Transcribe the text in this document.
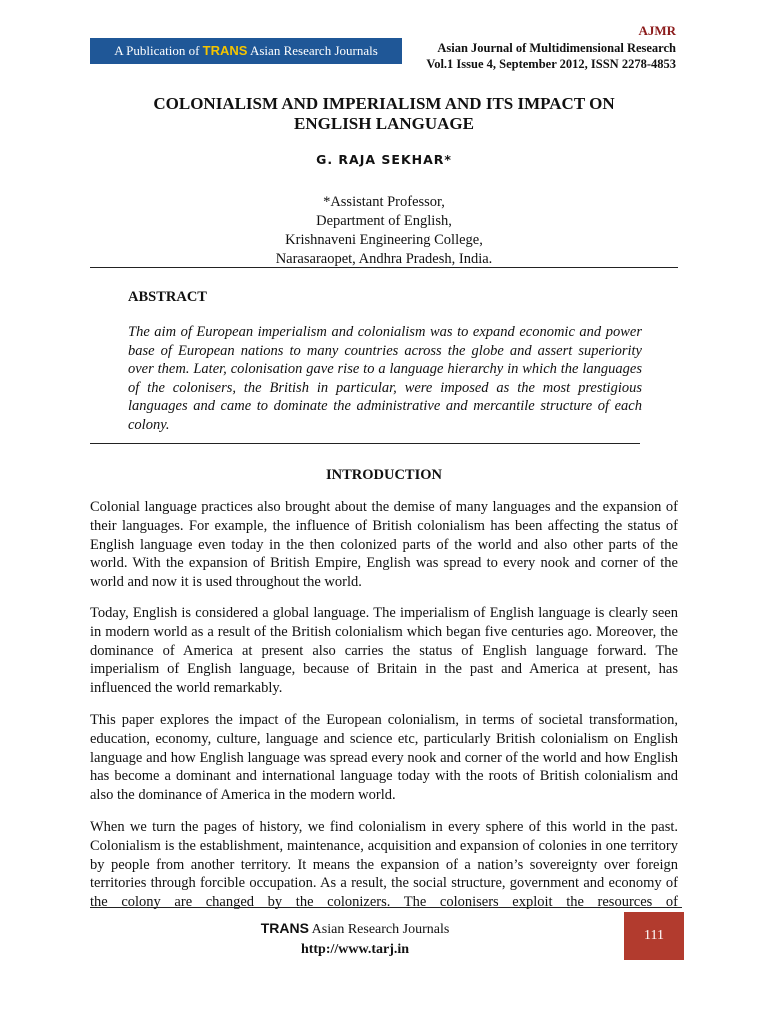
A Publication of TRANS Asian Research Journals
AJMR
Asian Journal of Multidimensional Research
Vol.1 Issue 4, September 2012, ISSN 2278-4853
COLONIALISM AND IMPERIALISM AND ITS IMPACT ON
ENGLISH LANGUAGE
G. RAJA SEKHAR*
*Assistant Professor,
Department of English,
Krishnaveni Engineering College,
Narasaraopet, Andhra Pradesh, India.
ABSTRACT
The aim of European imperialism and colonialism was to expand economic and power base of European nations to many countries across the globe and assert superiority over them. Later, colonisation gave rise to a language hierarchy in which the languages of the colonisers, the British in particular, were imposed as the most prestigious languages and came to dominate the administrative and mercantile structure of each colony.
INTRODUCTION
Colonial language practices also brought about the demise of many languages and the expansion of their languages. For example, the influence of British colonialism has been affecting the status of English language even today in the then colonized parts of the world and also other parts of the world. With the expansion of British Empire, English was spread to every nook and corner of the world and now it is used throughout the world.
Today, English is considered a global language. The imperialism of English language is clearly seen in modern world as a result of the British colonialism which began five centuries ago. Moreover, the dominance of America at present also carries the status of English language forward. The imperialism of English language, because of Britain in the past and America at present, has influenced the world remarkably.
This paper explores the impact of the European colonialism, in terms of societal transformation, education, economy, culture, language and science etc, particularly British colonialism on English language and how English language was spread every nook and corner of the world and how English has become a dominant and international language today with the roots of British colonialism and also the dominance of America in the modern world.
When we turn the pages of history, we find colonialism in every sphere of this world in the past. Colonialism is the establishment, maintenance, acquisition and expansion of colonies in one territory by people from another territory. It means the expansion of a nation’s sovereignty over foreign territories through forcible occupation. As a result, the social structure, government and economy of the colony are changed by the colonizers. The colonisers exploit the resources of
TRANS Asian Research Journals
http://www.tarj.in
111
